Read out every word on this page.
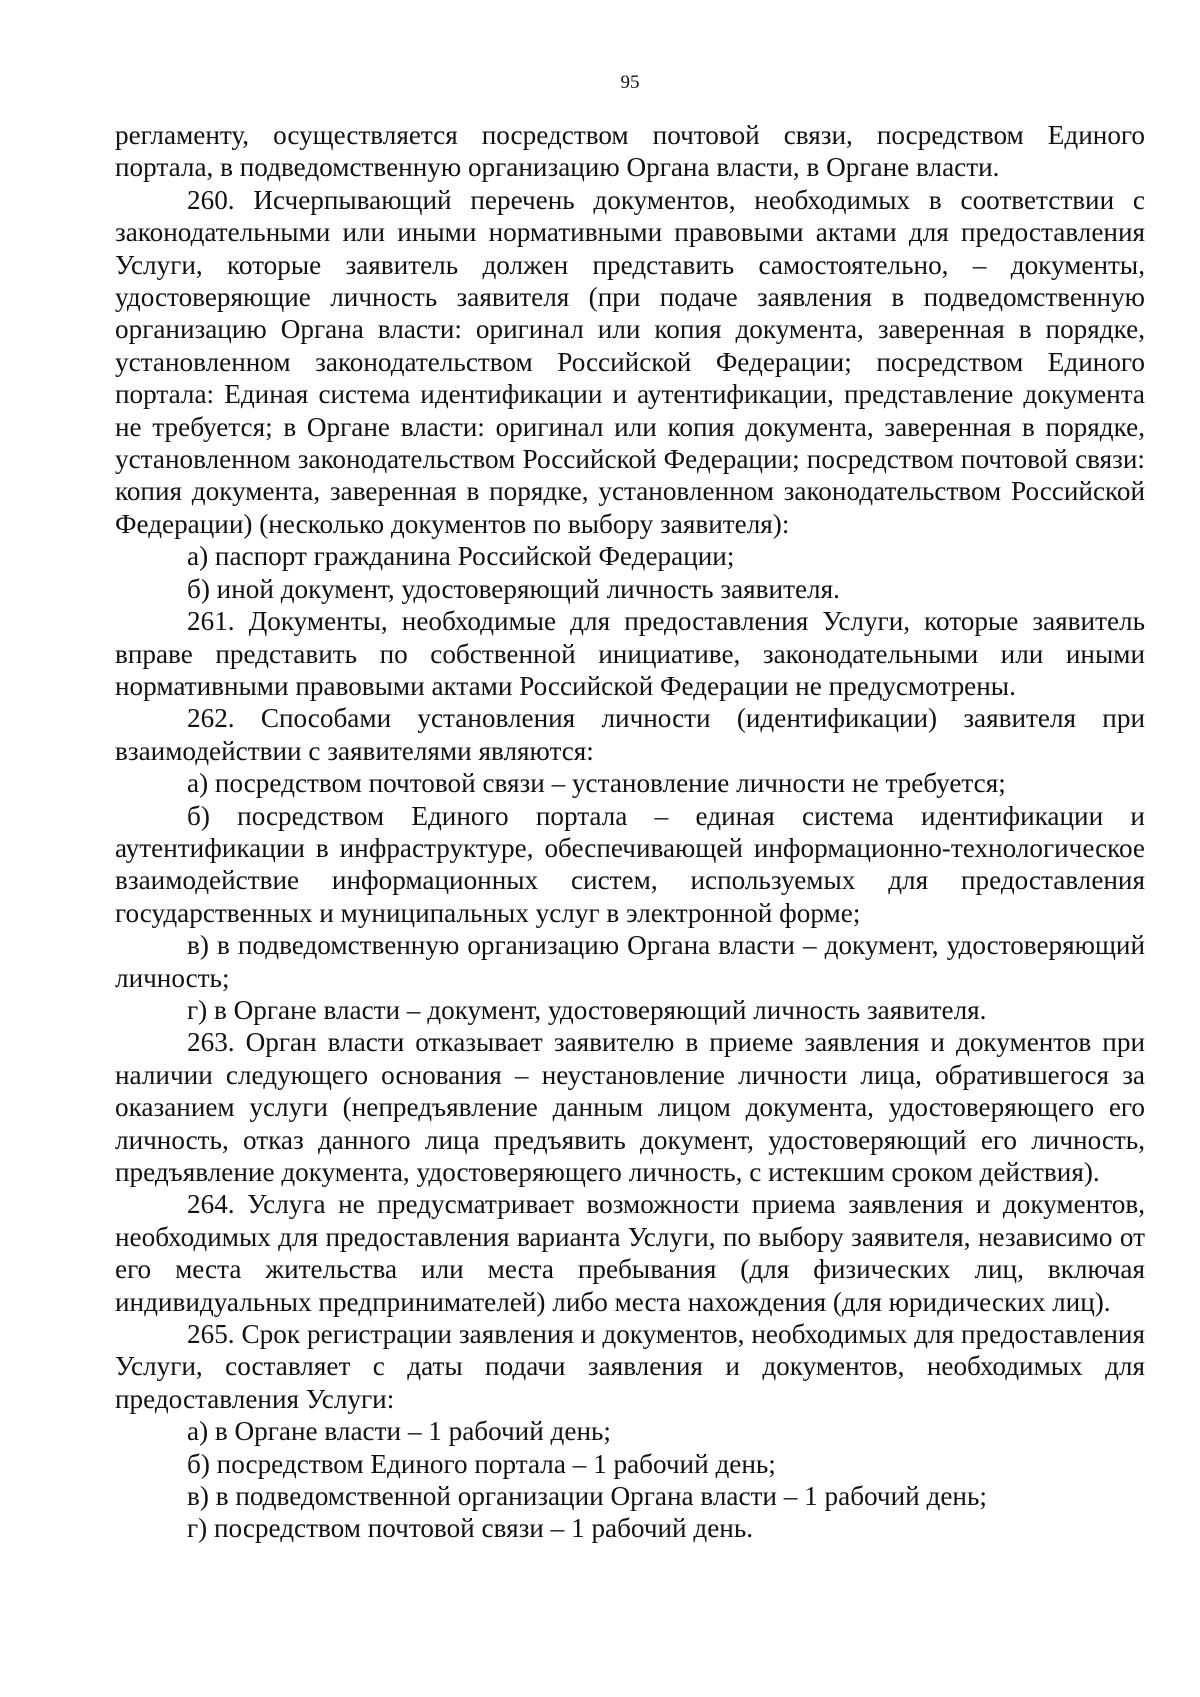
95

регламенту, осуществляется посредством почтовой связи, посредством Единого портала, в подведомственную организацию Органа власти, в Органе власти.

260. Исчерпывающий перечень документов, необходимых в соответствии с законодательными или иными нормативными правовыми актами для предоставления Услуги, которые заявитель должен представить самостоятельно, – документы, удостоверяющие личность заявителя (при подаче заявления в подведомственную организацию Органа власти: оригинал или копия документа, заверенная в порядке, установленном законодательством Российской Федерации; посредством Единого портала: Единая система идентификации и аутентификации, представление документа не требуется; в Органе власти: оригинал или копия документа, заверенная в порядке, установленном законодательством Российской Федерации; посредством почтовой связи: копия документа, заверенная в порядке, установленном законодательством Российской Федерации) (несколько документов по выбору заявителя):

а) паспорт гражданина Российской Федерации;

б) иной документ, удостоверяющий личность заявителя.

261. Документы, необходимые для предоставления Услуги, которые заявитель вправе представить по собственной инициативе, законодательными или иными нормативными правовыми актами Российской Федерации не предусмотрены.

262. Способами установления личности (идентификации) заявителя при взаимодействии с заявителями являются:

а) посредством почтовой связи – установление личности не требуется;

б) посредством Единого портала – единая система идентификации и аутентификации в инфраструктуре, обеспечивающей информационно-технологическое взаимодействие информационных систем, используемых для предоставления государственных и муниципальных услуг в электронной форме;

в) в подведомственную организацию Органа власти – документ, удостоверяющий личность;

г) в Органе власти – документ, удостоверяющий личность заявителя.

263. Орган власти отказывает заявителю в приеме заявления и документов при наличии следующего основания – неустановление личности лица, обратившегося за оказанием услуги (непредъявление данным лицом документа, удостоверяющего его личность, отказ данного лица предъявить документ, удостоверяющий его личность, предъявление документа, удостоверяющего личность, с истекшим сроком действия).

264. Услуга не предусматривает возможности приема заявления и документов, необходимых для предоставления варианта Услуги, по выбору заявителя, независимо от его места жительства или места пребывания (для физических лиц, включая индивидуальных предпринимателей) либо места нахождения (для юридических лиц).

265. Срок регистрации заявления и документов, необходимых для предоставления Услуги, составляет с даты подачи заявления и документов, необходимых для предоставления Услуги:

а) в Органе власти – 1 рабочий день;

б) посредством Единого портала – 1 рабочий день;

в) в подведомственной организации Органа власти – 1 рабочий день;

г) посредством почтовой связи – 1 рабочий день.
